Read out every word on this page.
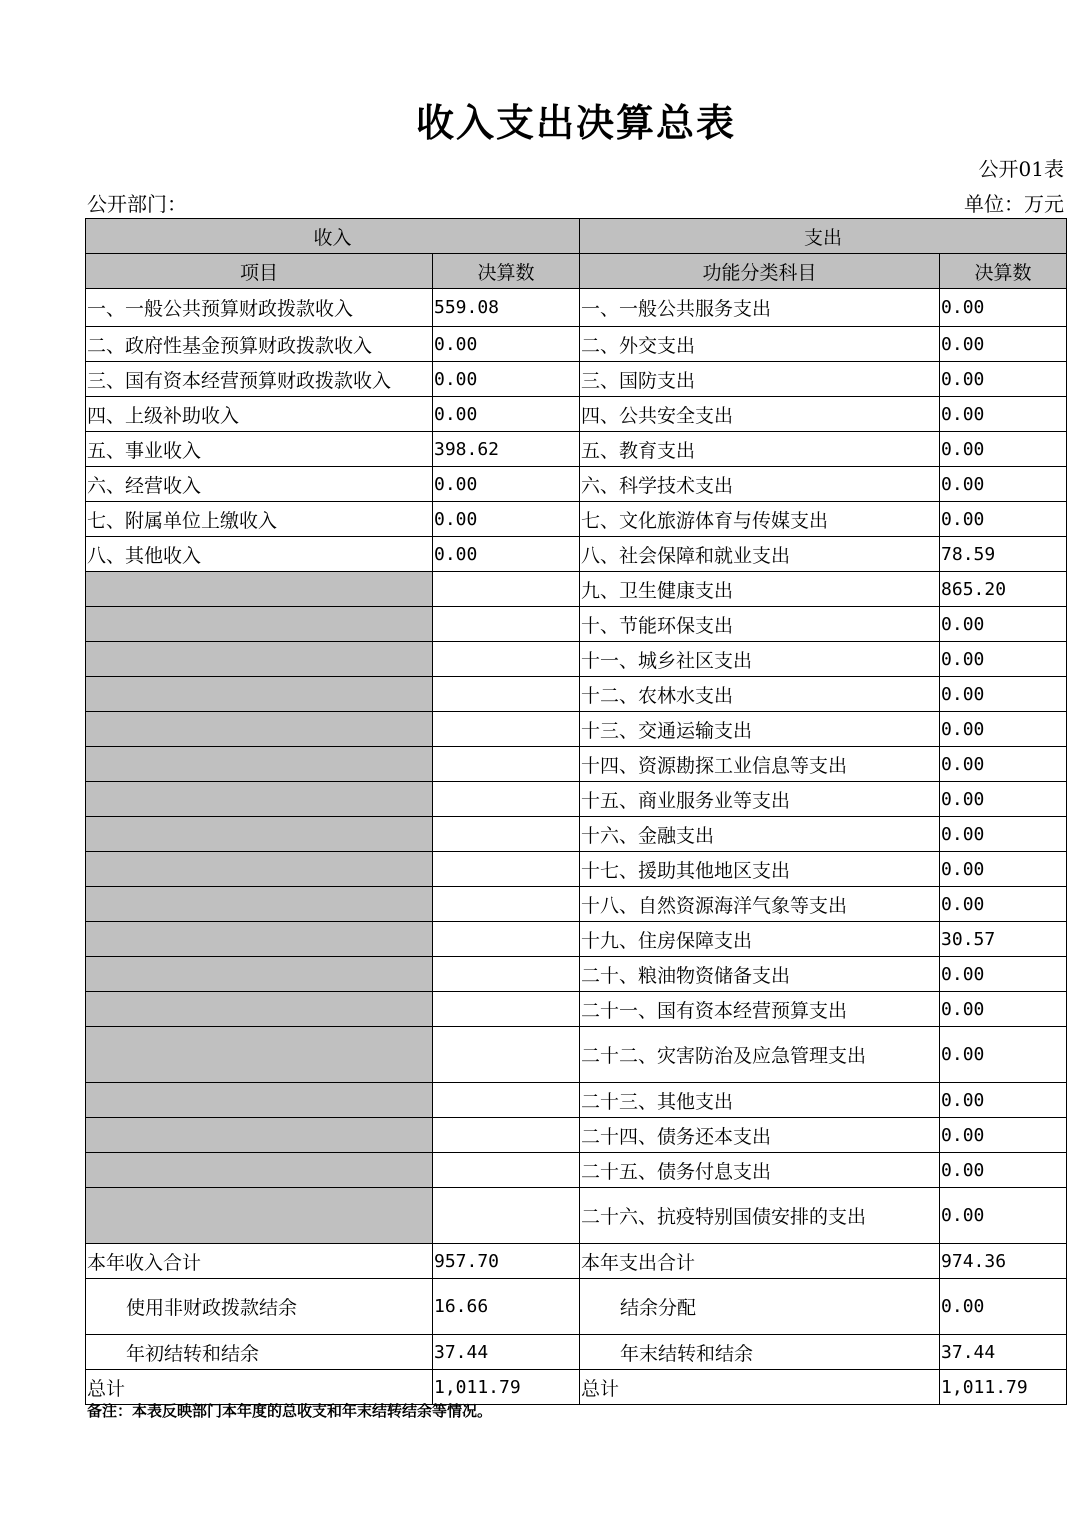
收入支出决算总表
公开01表
公开部门：	单位：万元
收入		支出	
项目	决算数	功能分类科目	决算数
一、一般公共预算财政拨款收入	559.08	一、一般公共服务支出	0.00
二、政府性基金预算财政拨款收入	0.00	二、外交支出	0.00
三、国有资本经营预算财政拨款收入	0.00	三、国防支出	0.00
四、上级补助收入	0.00	四、公共安全支出	0.00
五、事业收入	398.62	五、教育支出	0.00
六、经营收入	0.00	六、科学技术支出	0.00
七、附属单位上缴收入	0.00	七、文化旅游体育与传媒支出	0.00
八、其他收入	0.00	八、社会保障和就业支出	78.59
		九、卫生健康支出	865.20
		十、节能环保支出	0.00
		十一、城乡社区支出	0.00
		十二、农林水支出	0.00
		十三、交通运输支出	0.00
		十四、资源勘探工业信息等支出	0.00
		十五、商业服务业等支出	0.00
		十六、金融支出	0.00
		十七、援助其他地区支出	0.00
		十八、自然资源海洋气象等支出	0.00
		十九、住房保障支出	30.57
		二十、粮油物资储备支出	0.00
		二十一、国有资本经营预算支出	0.00
		二十二、灾害防治及应急管理支出	0.00
		二十三、其他支出	0.00
		二十四、债务还本支出	0.00
		二十五、债务付息支出	0.00
		二十六、抗疫特别国债安排的支出	0.00
本年收入合计	957.70	本年支出合计	974.36
使用非财政拨款结余	16.66	结余分配	0.00
年初结转和结余	37.44	年末结转和结余	37.44
总计	1,011.79	总计	1,011.79
备注：本表反映部门本年度的总收支和年末结转结余等情况。
